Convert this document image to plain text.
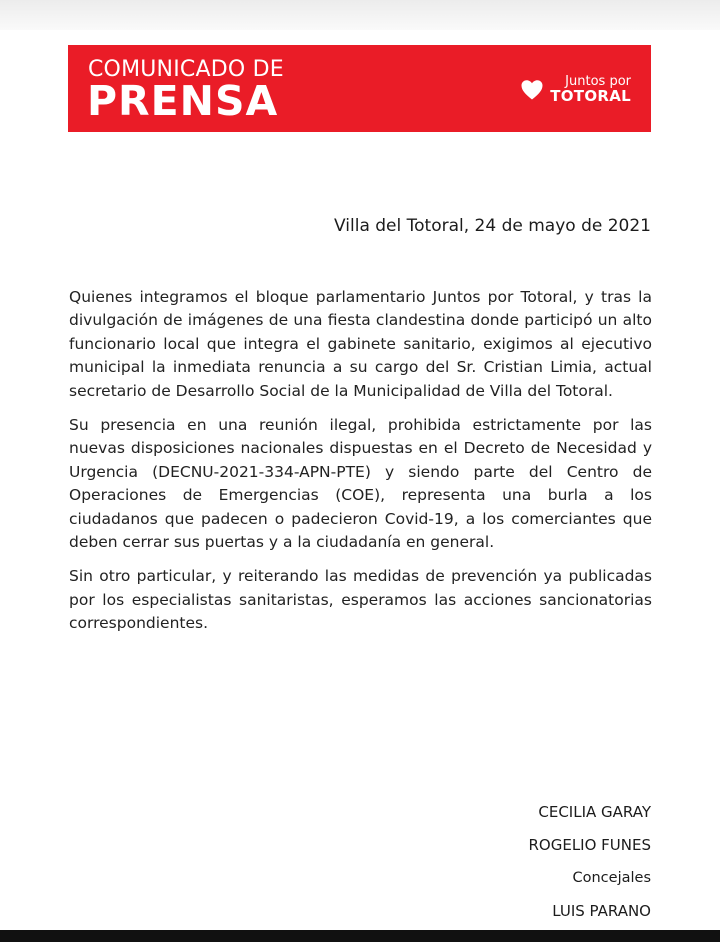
COMUNICADO DE
PRENSA	Juntos por
TOTORAL
Villa del Totoral, 24 de mayo de 2021

Quienes integramos el bloque parlamentario Juntos por Totoral, y tras la divulgación de imágenes de una fiesta clandestina donde participó un alto funcionario local que integra el gabinete sanitario, exigimos al ejecutivo municipal la inmediata renuncia a su cargo del Sr. Cristian Limia, actual secretario de Desarrollo Social de la Municipalidad de Villa del Totoral.

Su presencia en una reunión ilegal, prohibida estrictamente por las nuevas disposiciones nacionales dispuestas en el Decreto de Necesidad y Urgencia (DECNU-2021-334-APN-PTE) y siendo parte del Centro de Operaciones de Emergencias (COE), representa una burla a los ciudadanos que padecen o padecieron Covid-19, a los comerciantes que deben cerrar sus puertas y a la ciudadanía en general.

Sin otro particular, y reiterando las medidas de prevención ya publicadas por los especialistas sanitaristas, esperamos las acciones sancionatorias correspondientes.

CECILIA GARAY
ROGELIO FUNES
Concejales
LUIS PARANO
